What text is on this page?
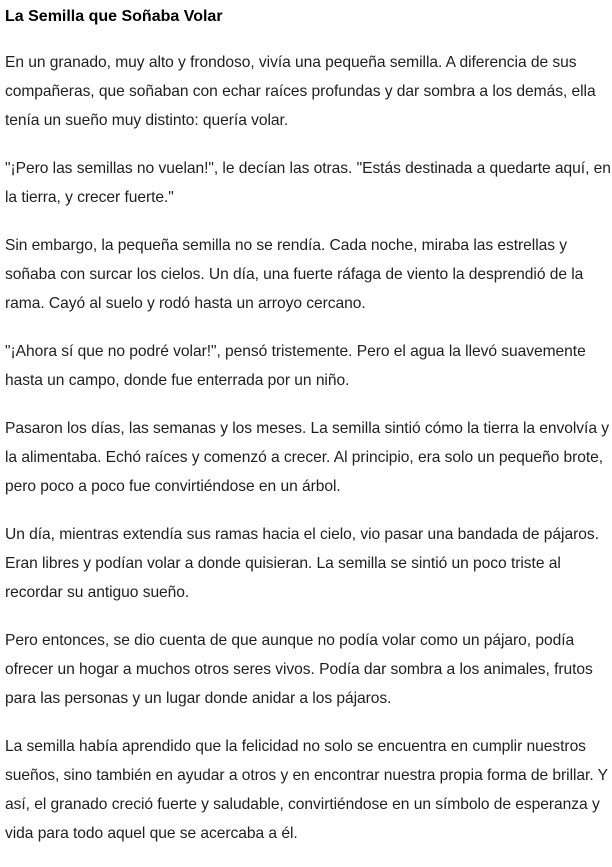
La Semilla que Soñaba Volar

En un granado, muy alto y frondoso, vivía una pequeña semilla. A diferencia de sus compañeras, que soñaban con echar raíces profundas y dar sombra a los demás, ella tenía un sueño muy distinto: quería volar.

"¡Pero las semillas no vuelan!", le decían las otras. "Estás destinada a quedarte aquí, en la tierra, y crecer fuerte."

Sin embargo, la pequeña semilla no se rendía. Cada noche, miraba las estrellas y soñaba con surcar los cielos. Un día, una fuerte ráfaga de viento la desprendió de la rama. Cayó al suelo y rodó hasta un arroyo cercano.

"¡Ahora sí que no podré volar!", pensó tristemente. Pero el agua la llevó suavemente hasta un campo, donde fue enterrada por un niño.

Pasaron los días, las semanas y los meses. La semilla sintió cómo la tierra la envolvía y la alimentaba. Echó raíces y comenzó a crecer. Al principio, era solo un pequeño brote, pero poco a poco fue convirtiéndose en un árbol.

Un día, mientras extendía sus ramas hacia el cielo, vio pasar una bandada de pájaros. Eran libres y podían volar a donde quisieran. La semilla se sintió un poco triste al recordar su antiguo sueño.

Pero entonces, se dio cuenta de que aunque no podía volar como un pájaro, podía ofrecer un hogar a muchos otros seres vivos. Podía dar sombra a los animales, frutos para las personas y un lugar donde anidar a los pájaros.

La semilla había aprendido que la felicidad no solo se encuentra en cumplir nuestros sueños, sino también en ayudar a otros y en encontrar nuestra propia forma de brillar. Y así, el granado creció fuerte y saludable, convirtiéndose en un símbolo de esperanza y vida para todo aquel que se acercaba a él.
